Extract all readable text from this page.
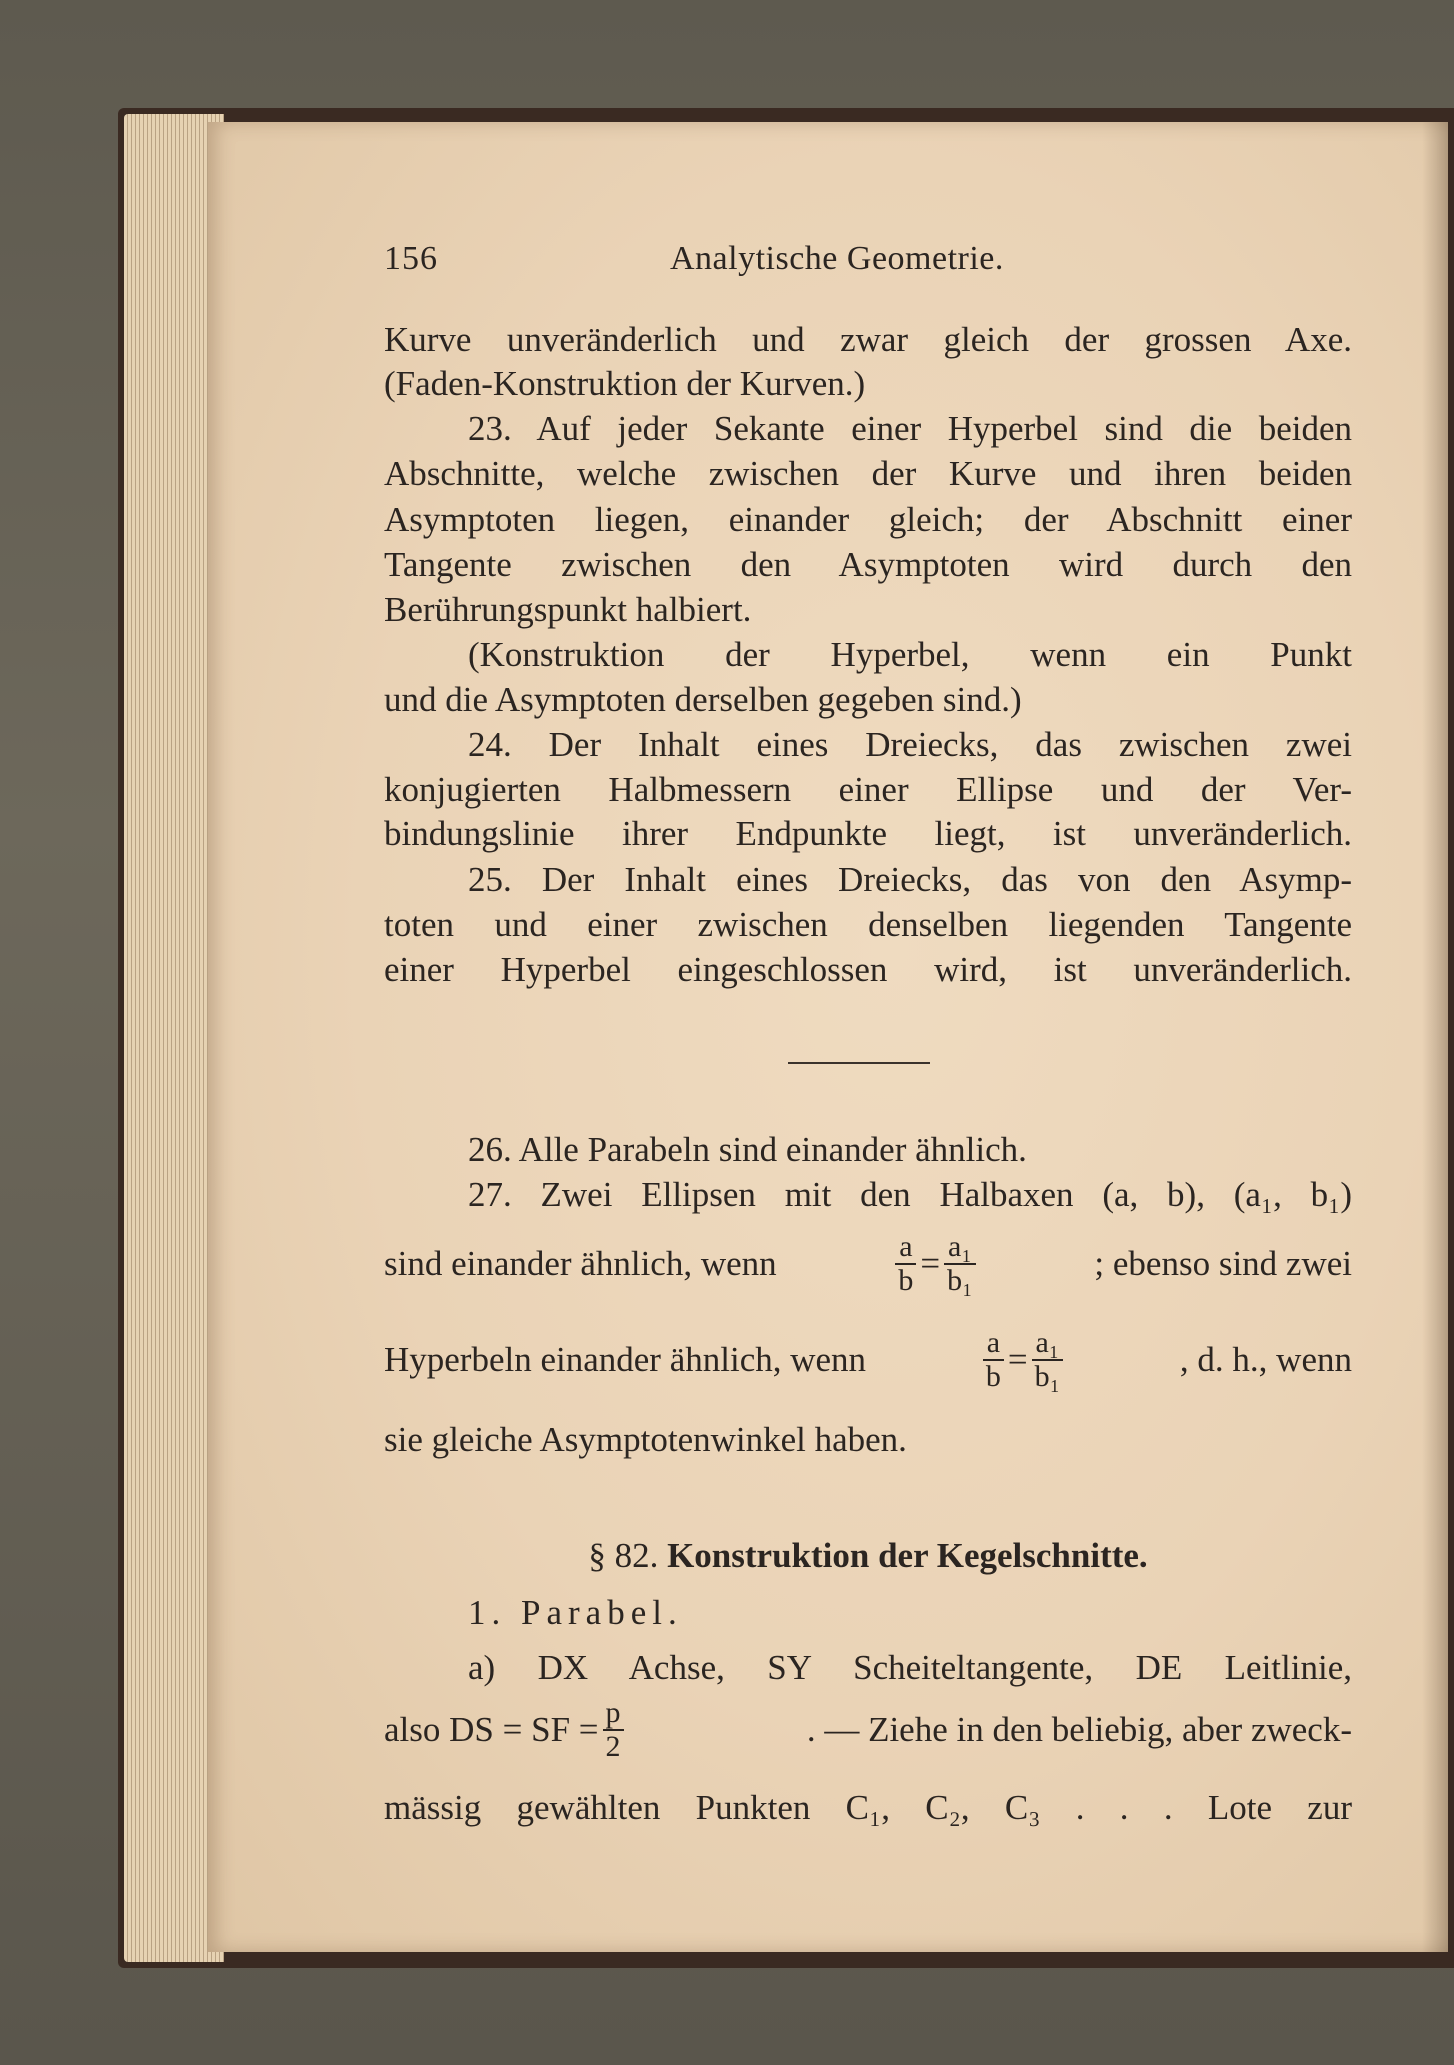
156	Analytische Geometrie.
Kurve unveränderlich und zwar gleich der grossen Axe.
(Faden-Konstruktion der Kurven.)
23. Auf jeder Sekante einer Hyperbel sind die beiden
Abschnitte, welche zwischen der Kurve und ihren beiden
Asymptoten liegen, einander gleich; der Abschnitt einer
Tangente zwischen den Asymptoten wird durch den
Berührungspunkt halbiert.
(Konstruktion der Hyperbel, wenn ein Punkt
und die Asymptoten derselben gegeben sind.)
24. Der Inhalt eines Dreiecks, das zwischen zwei
konjugierten Halbmessern einer Ellipse und der Ver-
bindungslinie ihrer Endpunkte liegt, ist unveränderlich.
25. Der Inhalt eines Dreiecks, das von den Asymp-
toten und einer zwischen denselben liegenden Tangente
einer Hyperbel eingeschlossen wird, ist unveränderlich.
26. Alle Parabeln sind einander ähnlich.
27. Zwei Ellipsen mit den Halbaxen (a, b), (a₁, b₁)
sind einander ähnlich, wenn	$\frac{a}{b} = \frac{\text{a₁}}{\text{b₁}}$	; ebenso sind zwei
Hyperbeln einander ähnlich, wenn	$\frac{a}{b} = \frac{\text{a₁}}{\text{b₁}}$	, d. h., wenn
sie gleiche Asymptotenwinkel haben.
§ 82. Konstruktion der Kegelschnitte.
1. Parabel.
a) DX Achse, SY Scheiteltangente, DE Leitlinie,
also DS = SF = $\frac{p}{2}$	. — Ziehe in den beliebig, aber zweck-
mässig gewählten Punkten C₁, C₂, C₃ . . . Lote zur
